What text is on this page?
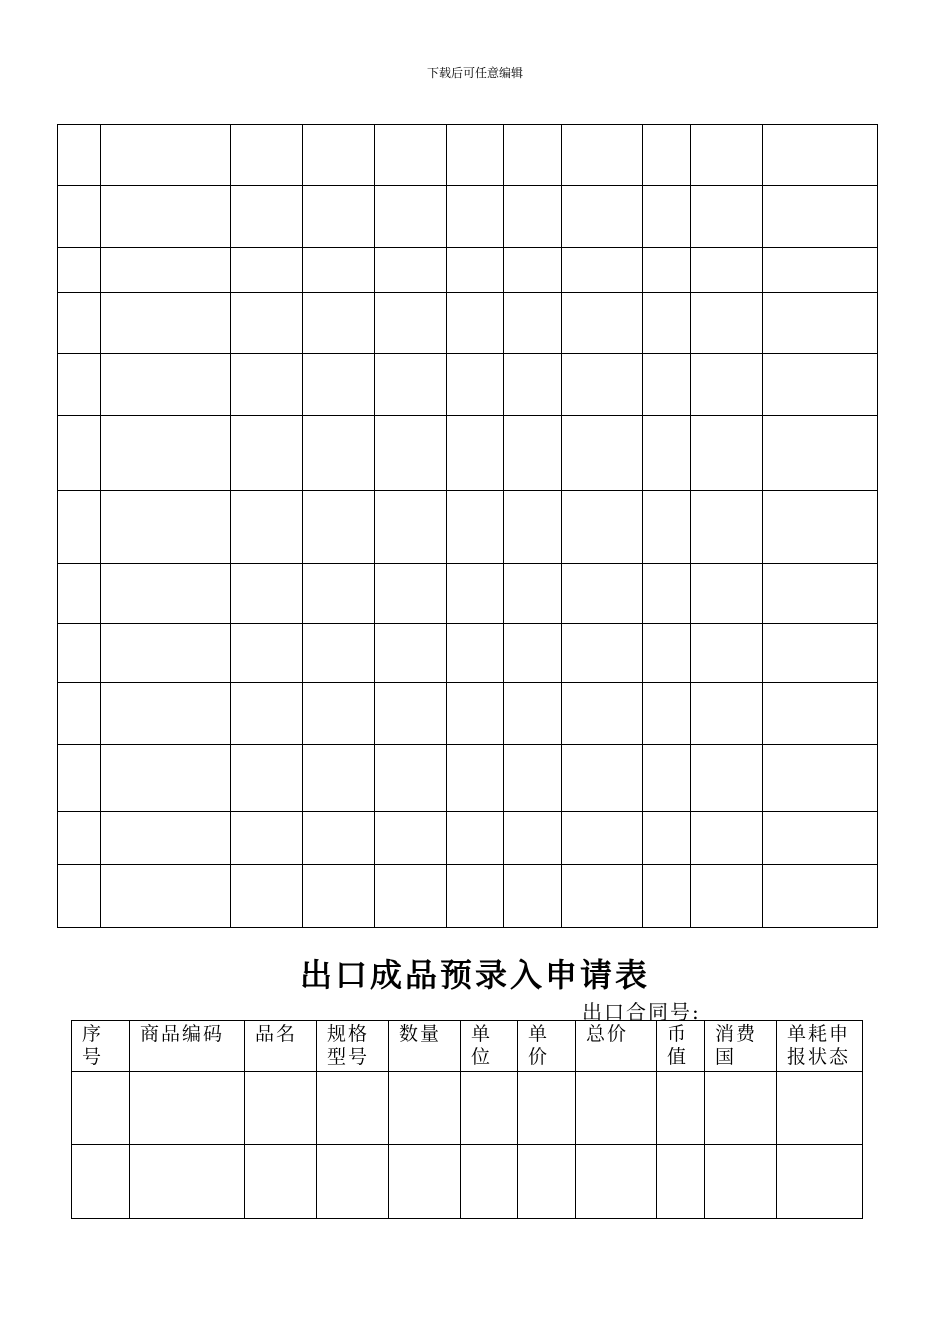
下载后可任意编辑

出口成品预录入申请表
出口合同号:
序号	商品编码	品名	规格型号	数量	单位	单价	总价	币值	消费国	单耗申报状态
